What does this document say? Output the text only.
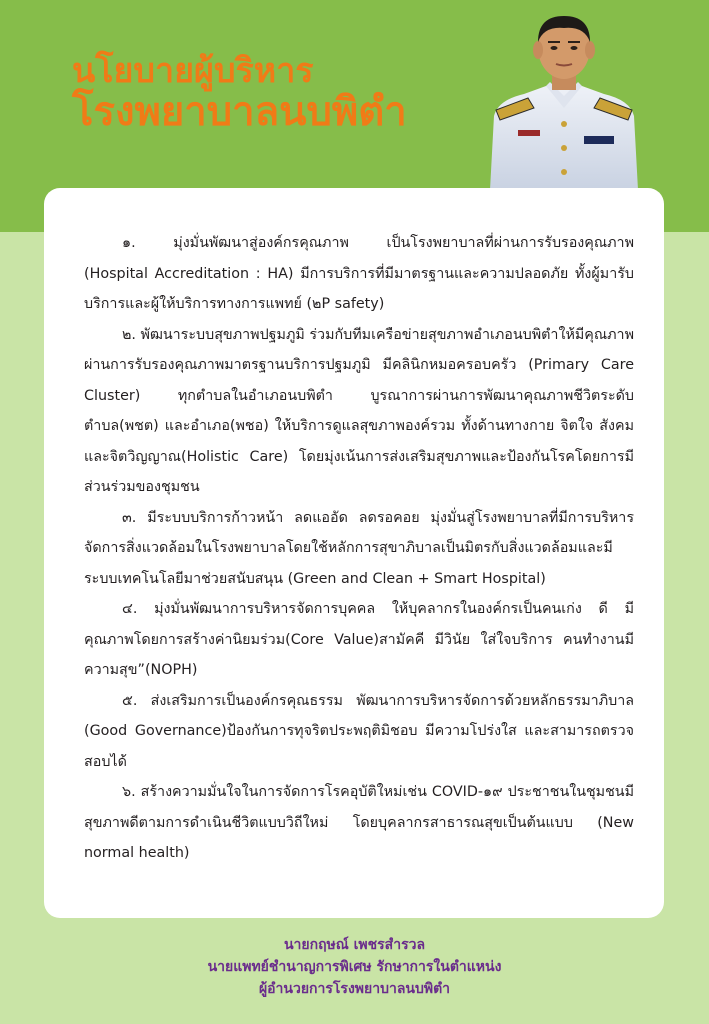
นโยบายผู้บริหาร
โรงพยาบาลนบพิตำ

๑. มุ่งมั่นพัฒนาสู่องค์กรคุณภาพ เป็นโรงพยาบาลที่ผ่านการรับรองคุณภาพ (Hospital Accreditation : HA) มีการบริการที่มีมาตรฐานและความปลอดภัย ทั้งผู้มารับบริการและผู้ให้บริการทางการแพทย์ (๒P safety)

๒. พัฒนาระบบสุขภาพปฐมภูมิ ร่วมกับทีมเครือข่ายสุขภาพอำเภอนบพิตำให้มีคุณภาพผ่านการรับรองคุณภาพมาตรฐานบริการปฐมภูมิ มีคลินิกหมอครอบครัว (Primary Care Cluster) ทุกตำบลในอำเภอนบพิตำ บูรณาการผ่านการพัฒนาคุณภาพชีวิตระดับตำบล(พชต) และอำเภอ(พชอ) ให้บริการดูแลสุขภาพองค์รวม ทั้งด้านทางกาย จิตใจ สังคม และจิตวิญญาณ(Holistic Care) โดยมุ่งเน้นการส่งเสริมสุขภาพและป้องกันโรคโดยการมีส่วนร่วมของชุมชน

๓. มีระบบบริการก้าวหน้า ลดแออัด ลดรอคอย มุ่งมั่นสู่โรงพยาบาลที่มีการบริหารจัดการสิ่งแวดล้อมในโรงพยาบาลโดยใช้หลักการสุขาภิบาลเป็นมิตรกับสิ่งแวดล้อมและมีระบบเทคโนโลยีมาช่วยสนับสนุน (Green and Clean + Smart Hospital)

๔. มุ่งมั่นพัฒนาการบริหารจัดการบุคคล ให้บุคลากรในองค์กรเป็นคนเก่ง ดี มีคุณภาพโดยการสร้างค่านิยมร่วม(Core Value)สามัคคี มีวินัย ใส่ใจบริการ คนทำงานมีความสุข”(NOPH)

๕. ส่งเสริมการเป็นองค์กรคุณธรรม พัฒนาการบริหารจัดการด้วยหลักธรรมาภิบาล (Good Governance)ป้องกันการทุจริตประพฤติมิชอบ มีความโปร่งใส และสามารถตรวจสอบได้

๖. สร้างความมั่นใจในการจัดการโรคอุบัติใหม่เช่น COVID-๑๙ ประชาชนในชุมชนมีสุขภาพดีตามการดำเนินชีวิตแบบวิถีใหม่ โดยบุคลากรสาธารณสุขเป็นต้นแบบ (New normal health)

นายกฤษณ์ เพชรสำรวล
นายแพทย์ชำนาญการพิเศษ รักษาการในตำแหน่ง
ผู้อำนวยการโรงพยาบาลนบพิตำ
